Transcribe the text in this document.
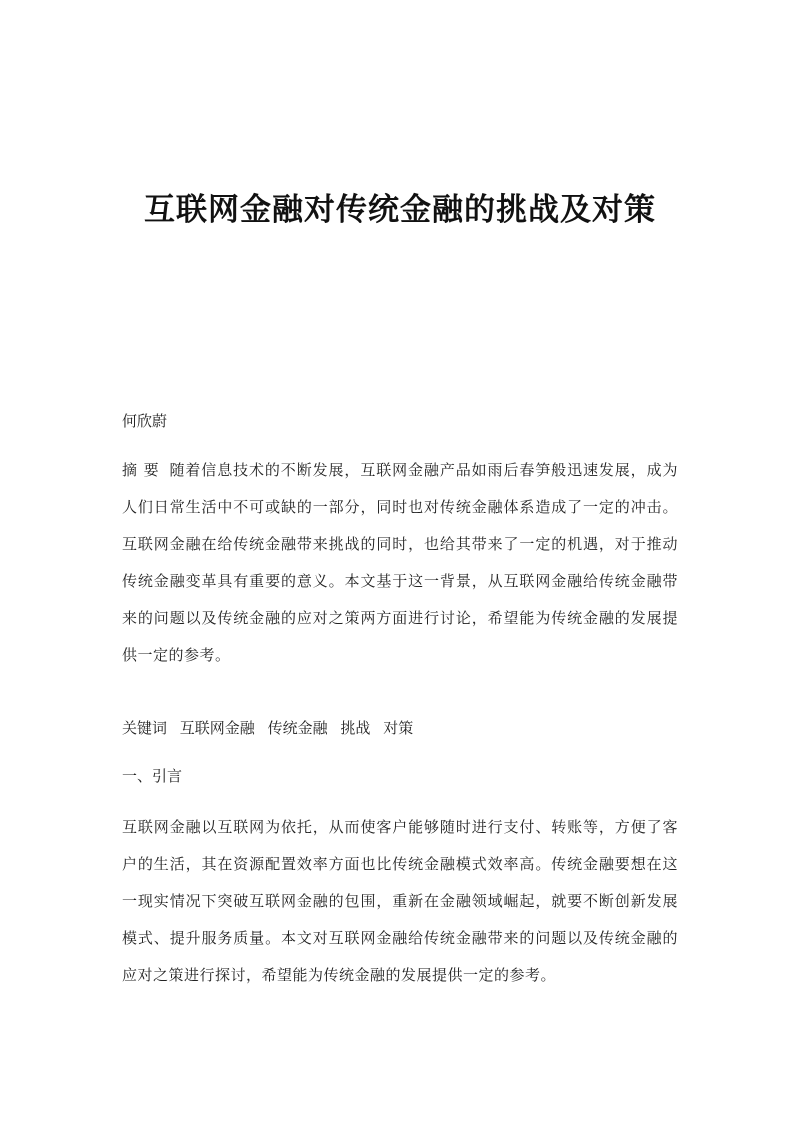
互联网金融对传统金融的挑战及对策
何欣蔚
摘 要 随着信息技术的不断发展，互联网金融产品如雨后春笋般迅速发展，成为人们日常生活中不可或缺的一部分，同时也对传统金融体系造成了一定的冲击。互联网金融在给传统金融带来挑战的同时，也给其带来了一定的机遇，对于推动传统金融变革具有重要的意义。本文基于这一背景，从互联网金融给传统金融带来的问题以及传统金融的应对之策两方面进行讨论，希望能为传统金融的发展提供一定的参考。
关键词 互联网金融 传统金融 挑战 对策
一、引言
互联网金融以互联网为依托，从而使客户能够随时进行支付、转账等，方便了客户的生活，其在资源配置效率方面也比传统金融模式效率高。传统金融要想在这一现实情况下突破互联网金融的包围，重新在金融领域崛起，就要不断创新发展模式、提升服务质量。本文对互联网金融给传统金融带来的问题以及传统金融的应对之策进行探讨，希望能为传统金融的发展提供一定的参考。
